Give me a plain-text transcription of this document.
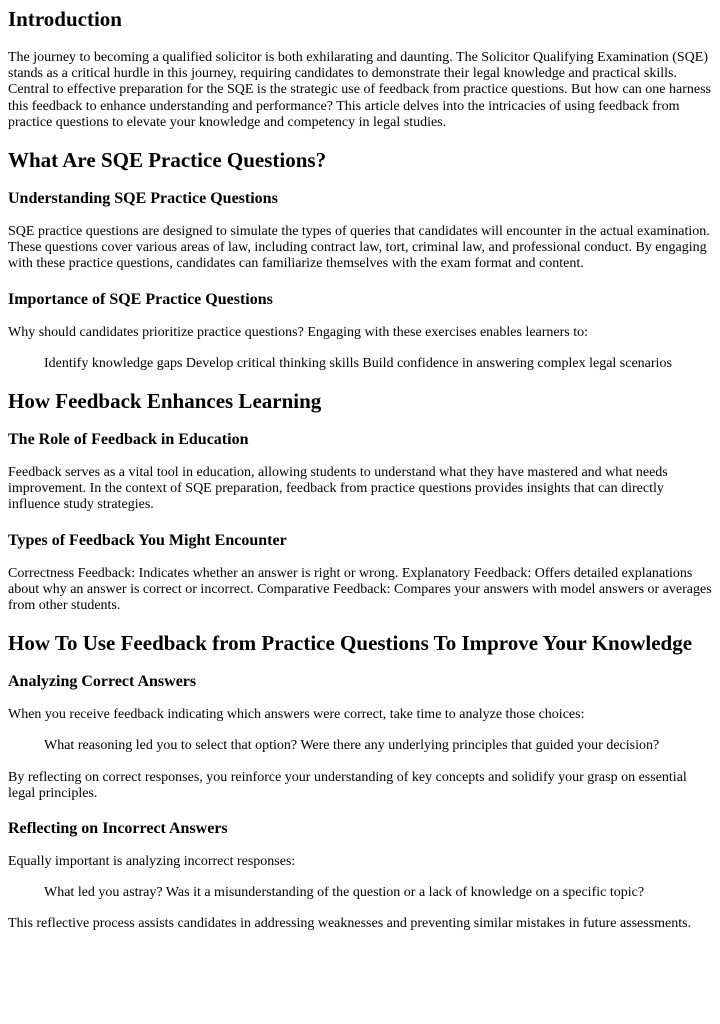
Introduction

The journey to becoming a qualified solicitor is both exhilarating and daunting. The Solicitor Qualifying Examination (SQE) stands as a critical hurdle in this journey, requiring candidates to demonstrate their legal knowledge and practical skills. Central to effective preparation for the SQE is the strategic use of feedback from practice questions. But how can one harness this feedback to enhance understanding and performance? This article delves into the intricacies of using feedback from practice questions to elevate your knowledge and competency in legal studies.

What Are SQE Practice Questions?
Understanding SQE Practice Questions

SQE practice questions are designed to simulate the types of queries that candidates will encounter in the actual examination. These questions cover various areas of law, including contract law, tort, criminal law, and professional conduct. By engaging with these practice questions, candidates can familiarize themselves with the exam format and content.

Importance of SQE Practice Questions

Why should candidates prioritize practice questions? Engaging with these exercises enables learners to:

Identify knowledge gaps Develop critical thinking skills Build confidence in answering complex legal scenarios

How Feedback Enhances Learning
The Role of Feedback in Education

Feedback serves as a vital tool in education, allowing students to understand what they have mastered and what needs improvement. In the context of SQE preparation, feedback from practice questions provides insights that can directly influence study strategies.

Types of Feedback You Might Encounter

Correctness Feedback: Indicates whether an answer is right or wrong. Explanatory Feedback: Offers detailed explanations about why an answer is correct or incorrect. Comparative Feedback: Compares your answers with model answers or averages from other students.

How To Use Feedback from Practice Questions To Improve Your Knowledge
Analyzing Correct Answers

When you receive feedback indicating which answers were correct, take time to analyze those choices:

What reasoning led you to select that option? Were there any underlying principles that guided your decision?

By reflecting on correct responses, you reinforce your understanding of key concepts and solidify your grasp on essential legal principles.

Reflecting on Incorrect Answers

Equally important is analyzing incorrect responses:

What led you astray? Was it a misunderstanding of the question or a lack of knowledge on a specific topic?

This reflective process assists candidates in addressing weaknesses and preventing similar mistakes in future assessments.
